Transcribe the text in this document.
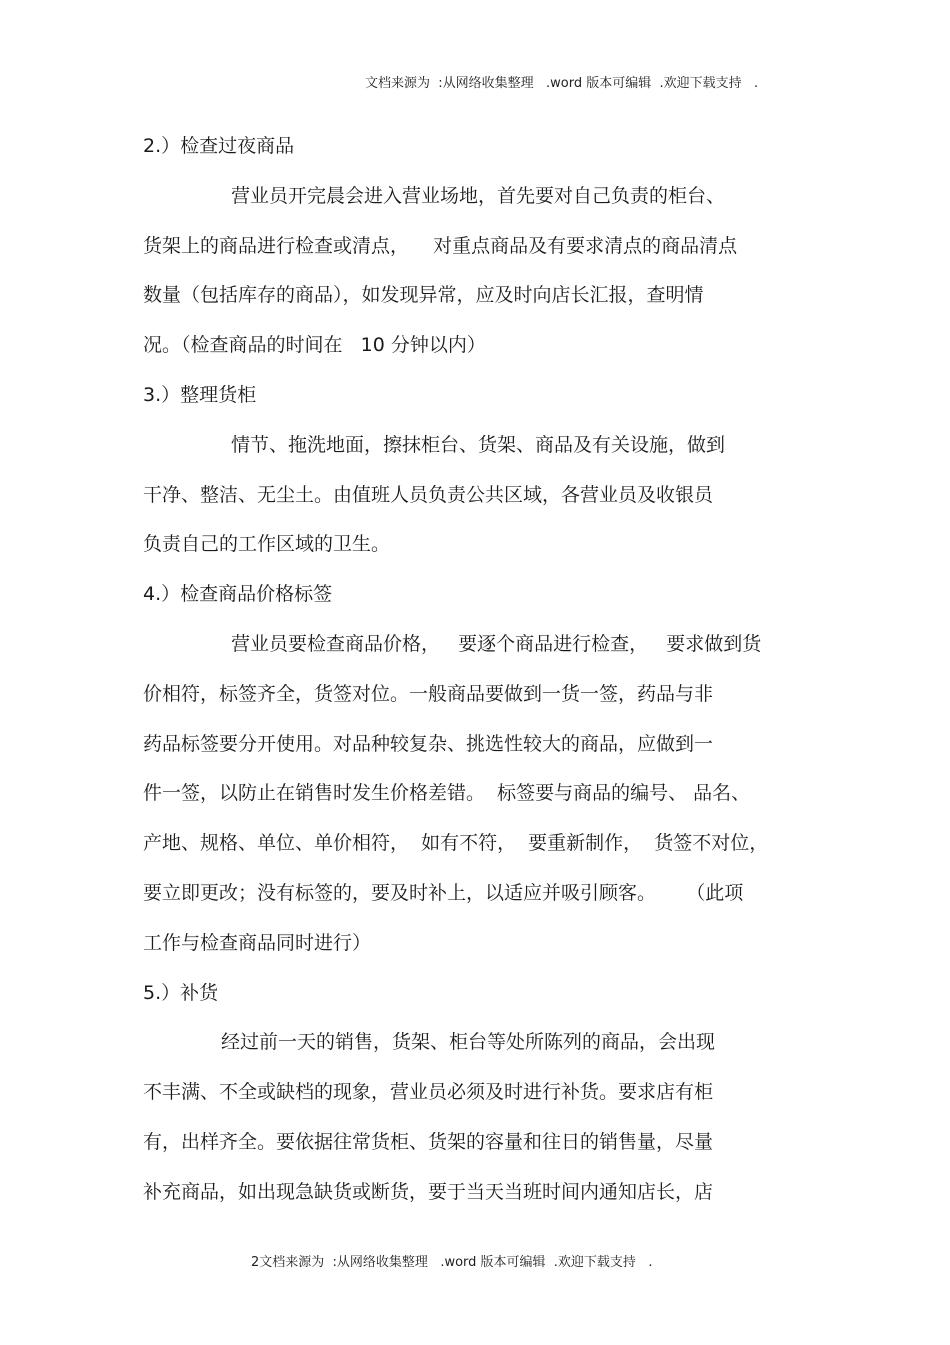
文档来源为  :从网络收集整理   .word 版本可编辑  .欢迎下载支持   .
2.）检查过夜商品
营业员开完晨会进入营业场地，首先要对自己负责的柜台、
货架上的商品进行检查或清点，    对重点商品及有要求清点的商品清点
数量（包括库存的商品），如发现异常，应及时向店长汇报，查明情
况。（检查商品的时间在   10 分钟以内）
3.）整理货柜
情节、拖洗地面，擦抹柜台、货架、商品及有关设施，做到
干净、整洁、无尘土。由值班人员负责公共区域，各营业员及收银员
负责自己的工作区域的卫生。
4.）检查商品价格标签
营业员要检查商品价格，   要逐个商品进行检查，   要求做到货
价相符，标签齐全，货签对位。一般商品要做到一货一签，药品与非
药品标签要分开使用。对品种较复杂、挑选性较大的商品，应做到一
件一签，以防止在销售时发生价格差错。  标签要与商品的编号、 品名、
产地、规格、单位、单价相符，  如有不符，  要重新制作，  货签不对位，
要立即更改；没有标签的，要及时补上，以适应并吸引顾客。     （此项
工作与检查商品同时进行）
5.）补货
经过前一天的销售，货架、柜台等处所陈列的商品，会出现
不丰满、不全或缺档的现象，营业员必须及时进行补货。要求店有柜
有，出样齐全。要依据往常货柜、货架的容量和往日的销售量，尽量
补充商品，如出现急缺货或断货，要于当天当班时间内通知店长，店
2文档来源为  :从网络收集整理   .word 版本可编辑  .欢迎下载支持   .
